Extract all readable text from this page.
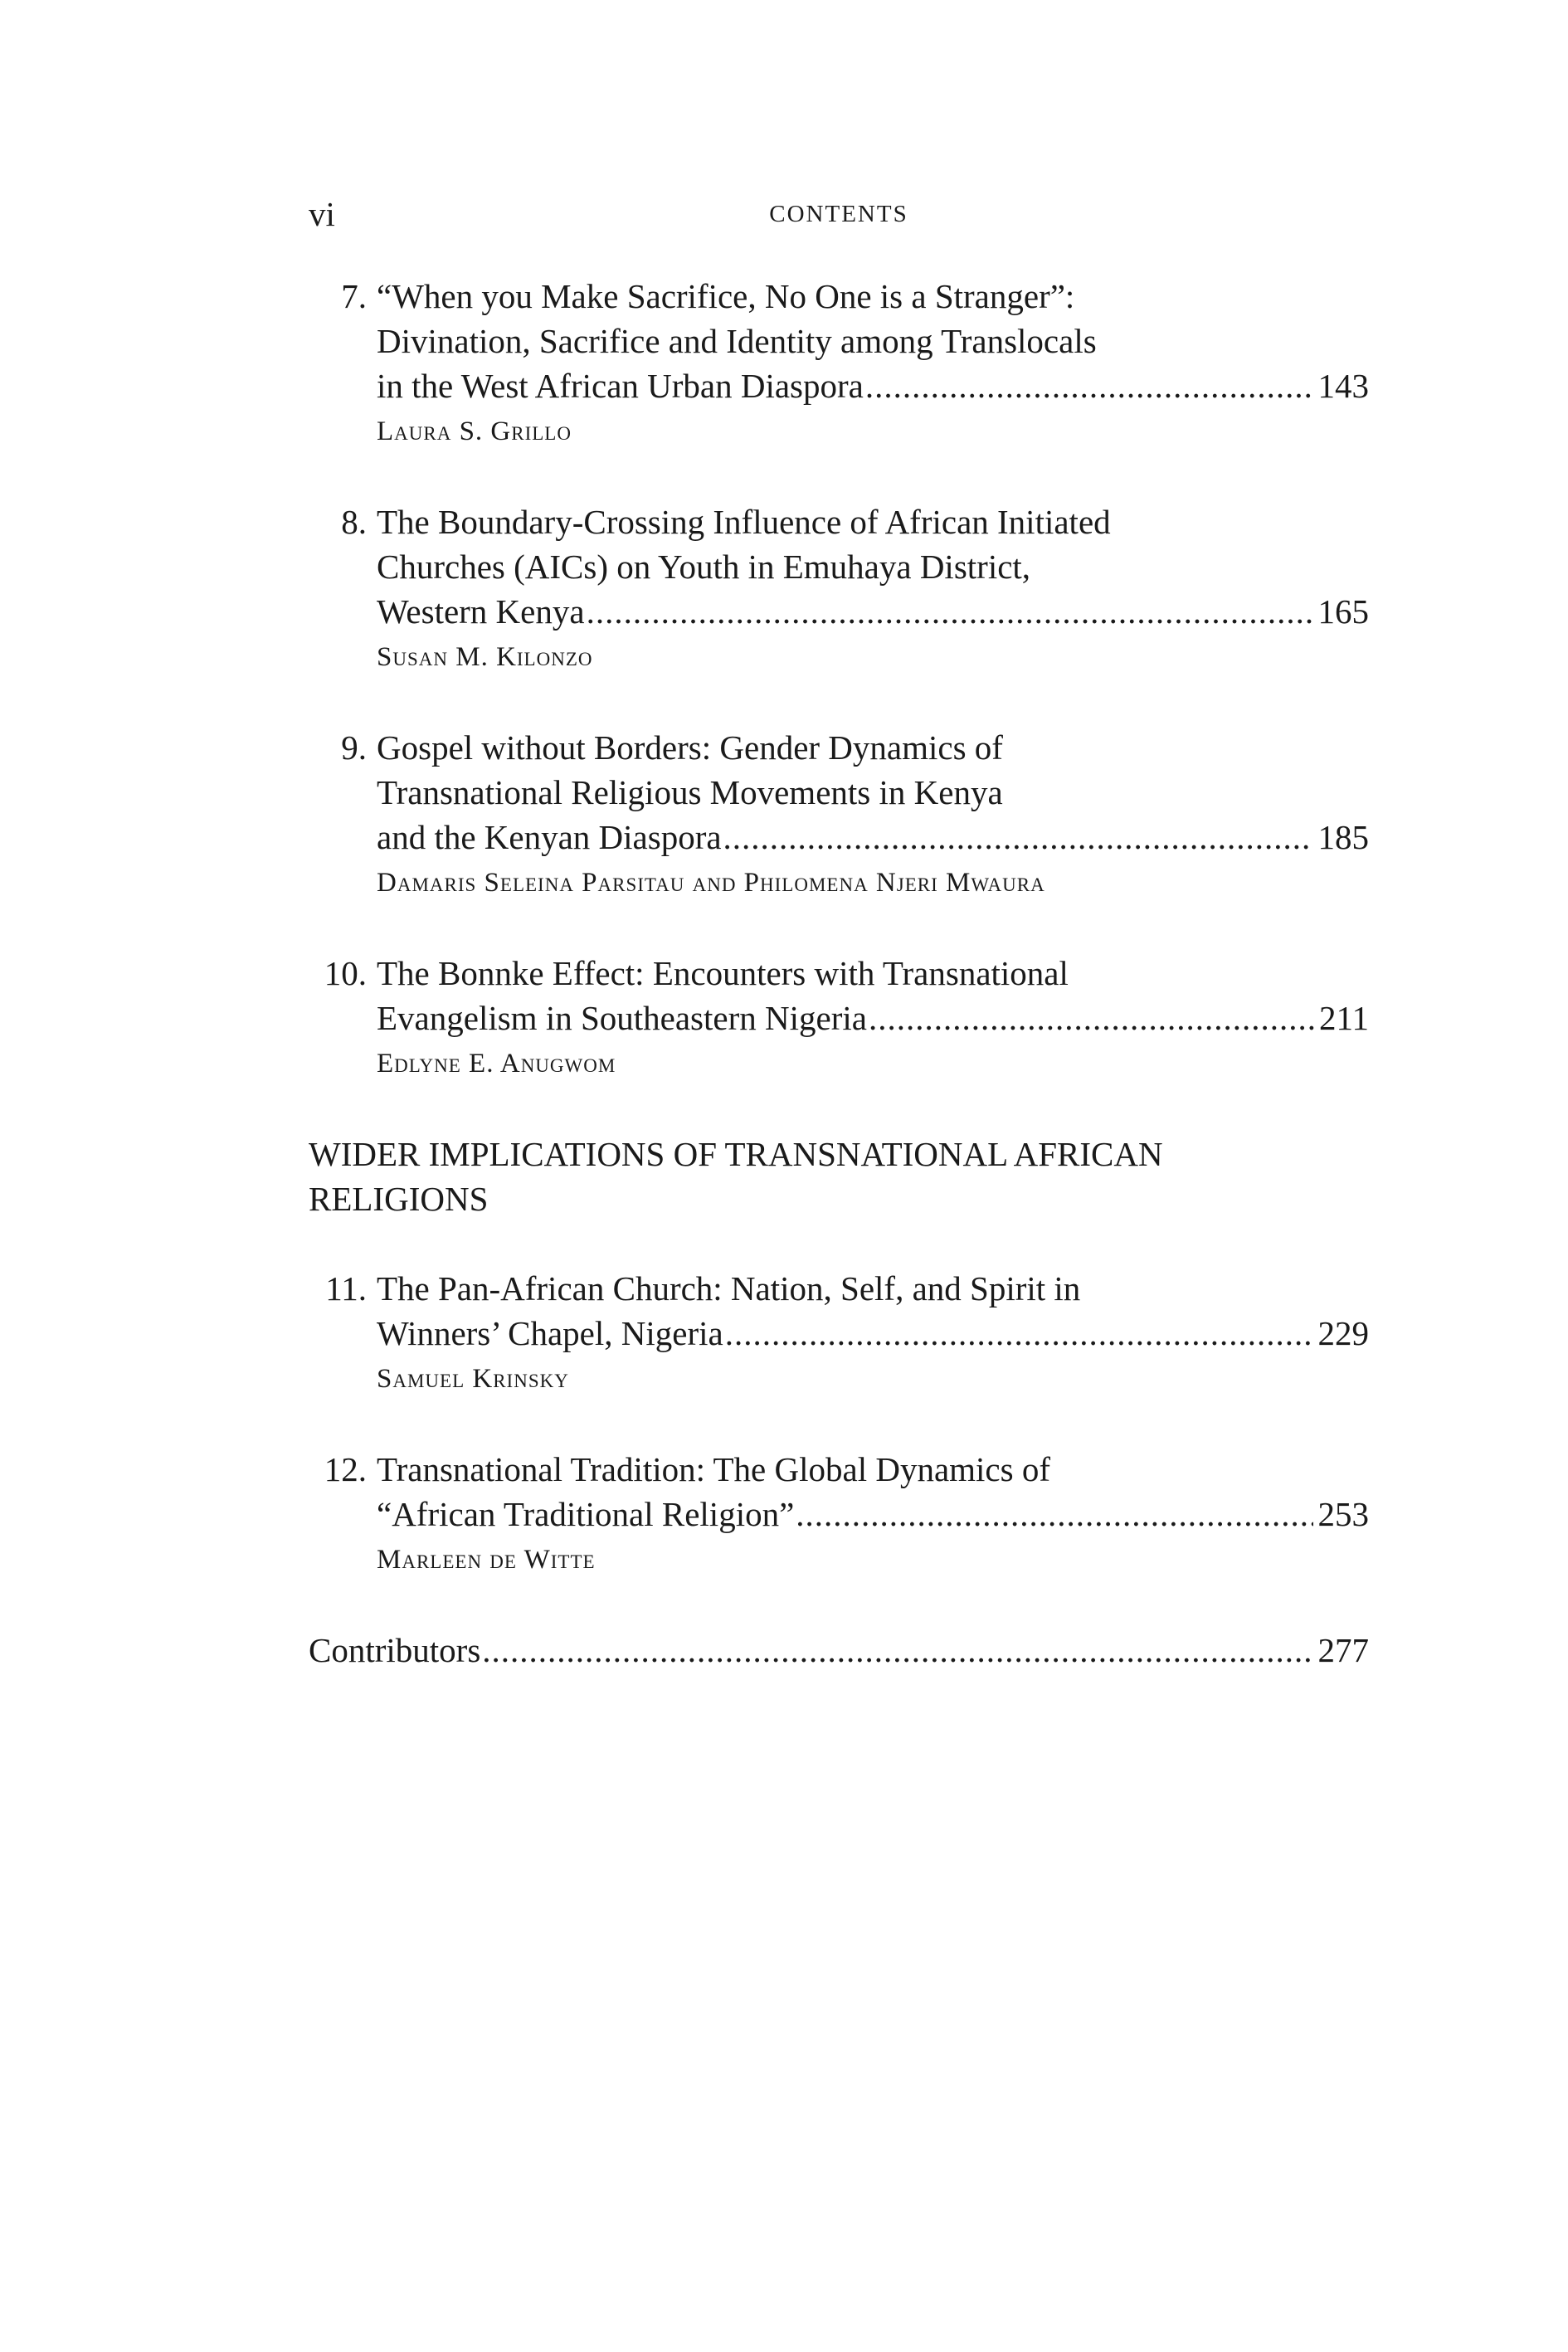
vi	CONTENTS
7. “When you Make Sacrifice, No One is a Stranger”:
Divination, Sacrifice and Identity among Translocals
in the West African Urban Diaspora .....	143
Laura S. Grillo
8. The Boundary-Crossing Influence of African Initiated
Churches (AICs) on Youth in Emuhaya District,
Western Kenya .....	165
Susan M. Kilonzo
9. Gospel without Borders: Gender Dynamics of
Transnational Religious Movements in Kenya
and the Kenyan Diaspora .....	185
Damaris Seleina Parsitau and Philomena Njeri Mwaura
10. The Bonnke Effect: Encounters with Transnational
Evangelism in Southeastern Nigeria .....	211
Edlyne E. Anugwom
WIDER IMPLICATIONS OF TRANSNATIONAL AFRICAN
RELIGIONS
11. The Pan-African Church: Nation, Self, and Spirit in
Winners’ Chapel, Nigeria .....	229
Samuel Krinsky
12. Transnational Tradition: The Global Dynamics of
“African Traditional Religion” .....	253
Marleen de Witte
Contributors .....	277
